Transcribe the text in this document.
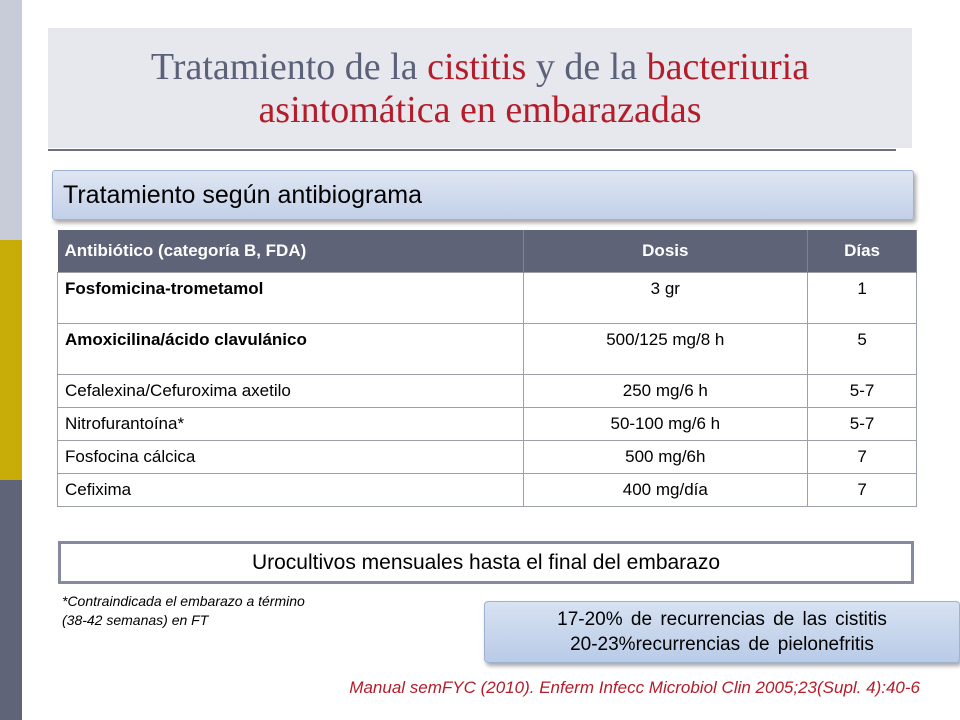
Tratamiento de la cistitis y de la bacteriuria
asintomática en embarazadas
Tratamiento según antibiograma
Antibiótico (categoría B, FDA)	Dosis	Días
Fosfomicina-trometamol	3 gr	1
Amoxicilina/ácido clavulánico	500/125 mg/8 h	5
Cefalexina/Cefuroxima axetilo	250 mg/6 h	5-7
Nitrofurantoína*	50-100 mg/6 h	5-7
Fosfocina cálcica	500 mg/6h	7
Cefixima	400 mg/día	7
Urocultivos mensuales hasta el final del embarazo
*Contraindicada el embarazo a término
(38-42 semanas) en FT	17-20% de recurrencias de las cistitis
20-23%recurrencias de pielonefritis
Manual semFYC (2010). Enferm Infecc Microbiol Clin 2005;23(Supl. 4):40-6
